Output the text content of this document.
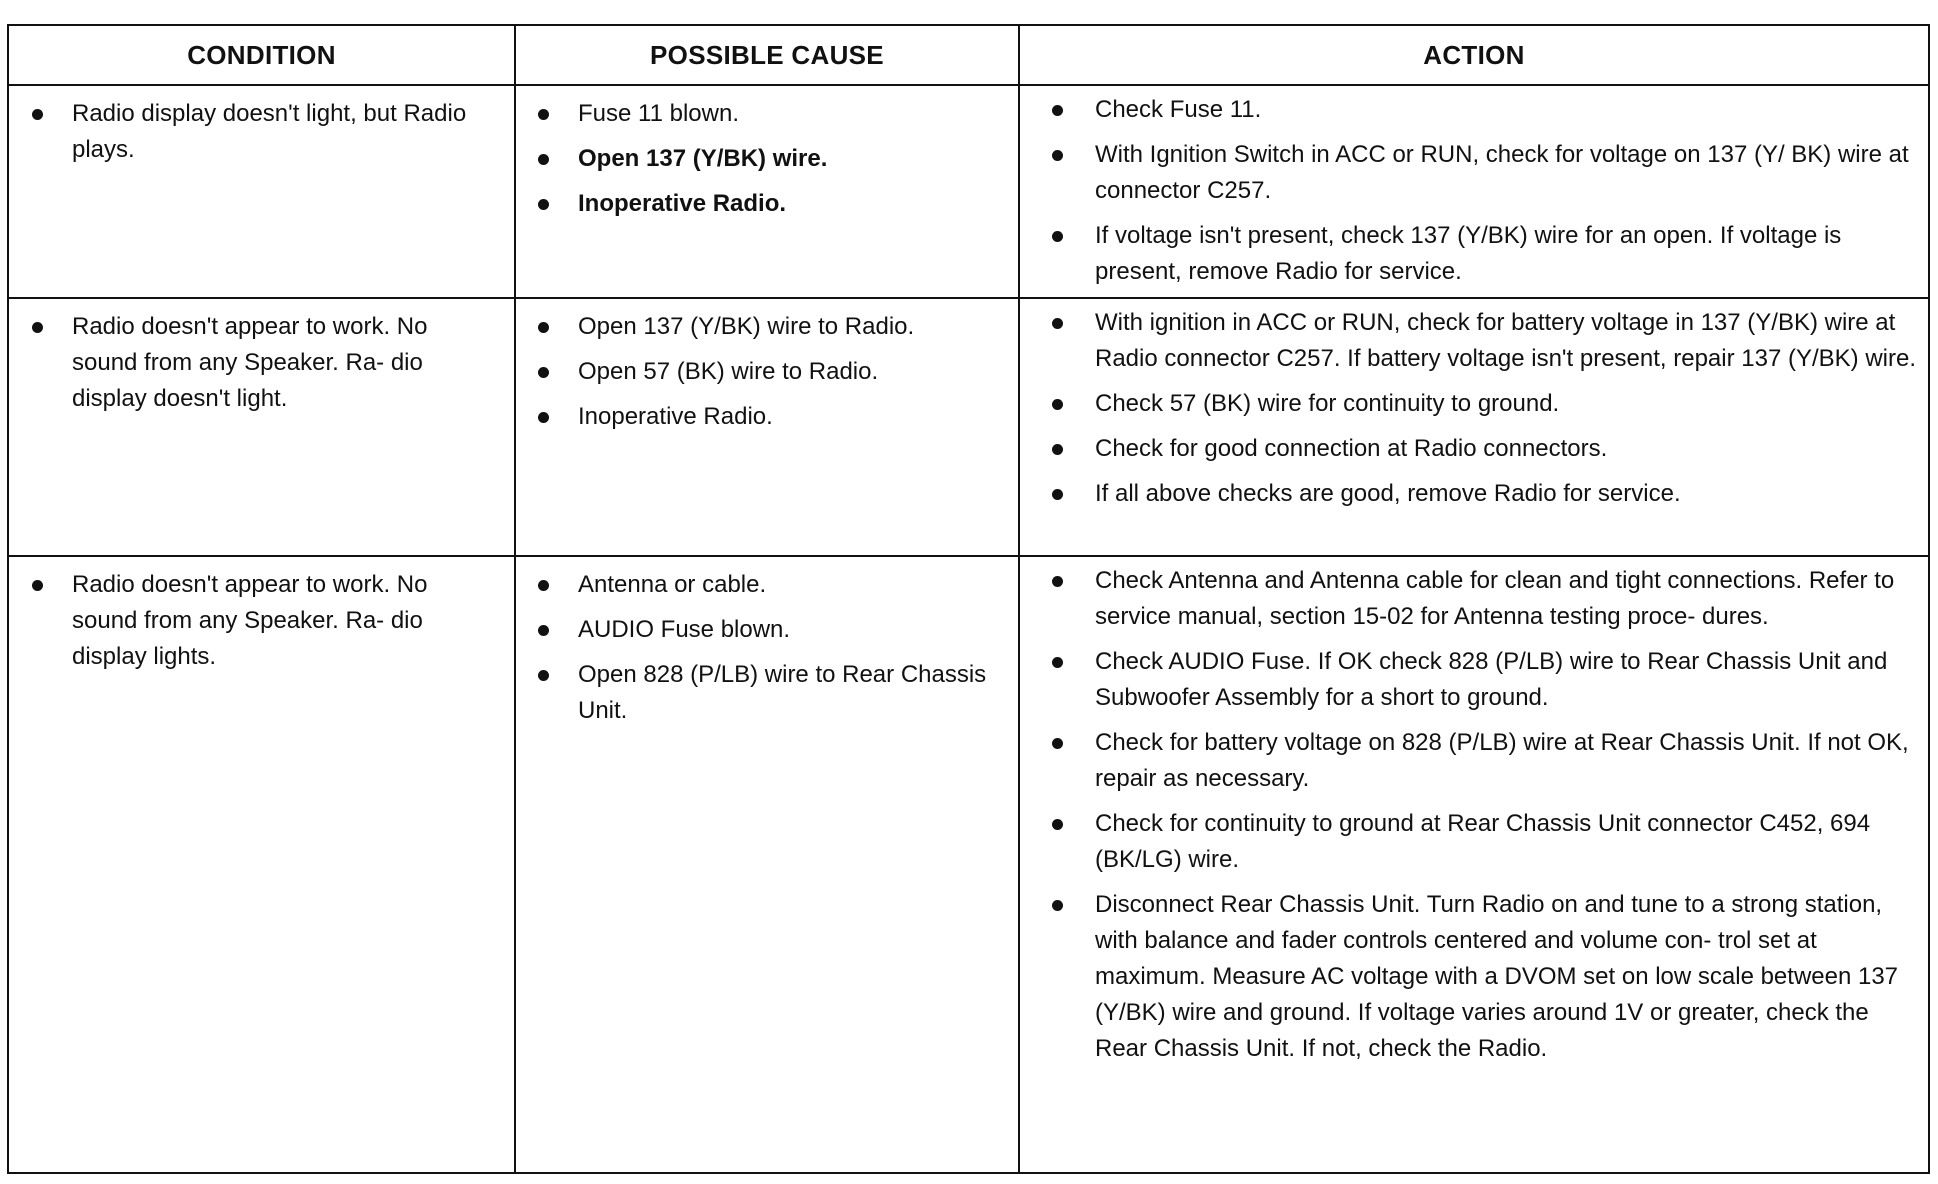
CONDITION	POSSIBLE CAUSE	ACTION
Radio display doesn't light, but Radio plays.
Fuse 11 blown.
Open 137 (Y/BK) wire.
Inoperative Radio.
Check Fuse 11.
With Ignition Switch in ACC or RUN, check for voltage on 137 (Y/ BK) wire at connector C257.
If voltage isn't present, check 137 (Y/BK) wire for an open. If voltage is present, remove Radio for service.
Radio doesn't appear to work. No sound from any Speaker. Ra- dio display doesn't light.
Open 137 (Y/BK) wire to Radio.
Open 57 (BK) wire to Radio.
Inoperative Radio.
With ignition in ACC or RUN, check for battery voltage in 137 (Y/BK) wire at Radio connector C257. If battery voltage isn't present, repair 137 (Y/BK) wire.
Check 57 (BK) wire for continuity to ground.
Check for good connection at Radio connectors.
If all above checks are good, remove Radio for service.
Radio doesn't appear to work. No sound from any Speaker. Ra- dio display lights.
Antenna or cable.
AUDIO Fuse blown.
Open 828 (P/LB) wire to Rear Chassis Unit.
Check Antenna and Antenna cable for clean and tight connections. Refer to service manual, section 15-02 for Antenna testing proce- dures.
Check AUDIO Fuse. If OK check 828 (P/LB) wire to Rear Chassis Unit and Subwoofer Assembly for a short to ground.
Check for battery voltage on 828 (P/LB) wire at Rear Chassis Unit. If not OK, repair as necessary.
Check for continuity to ground at Rear Chassis Unit connector C452, 694 (BK/LG) wire.
Disconnect Rear Chassis Unit. Turn Radio on and tune to a strong station, with balance and fader controls centered and volume con- trol set at maximum. Measure AC voltage with a DVOM set on low scale between 137 (Y/BK) wire and ground. If voltage varies around 1V or greater, check the Rear Chassis Unit. If not, check the Radio.
